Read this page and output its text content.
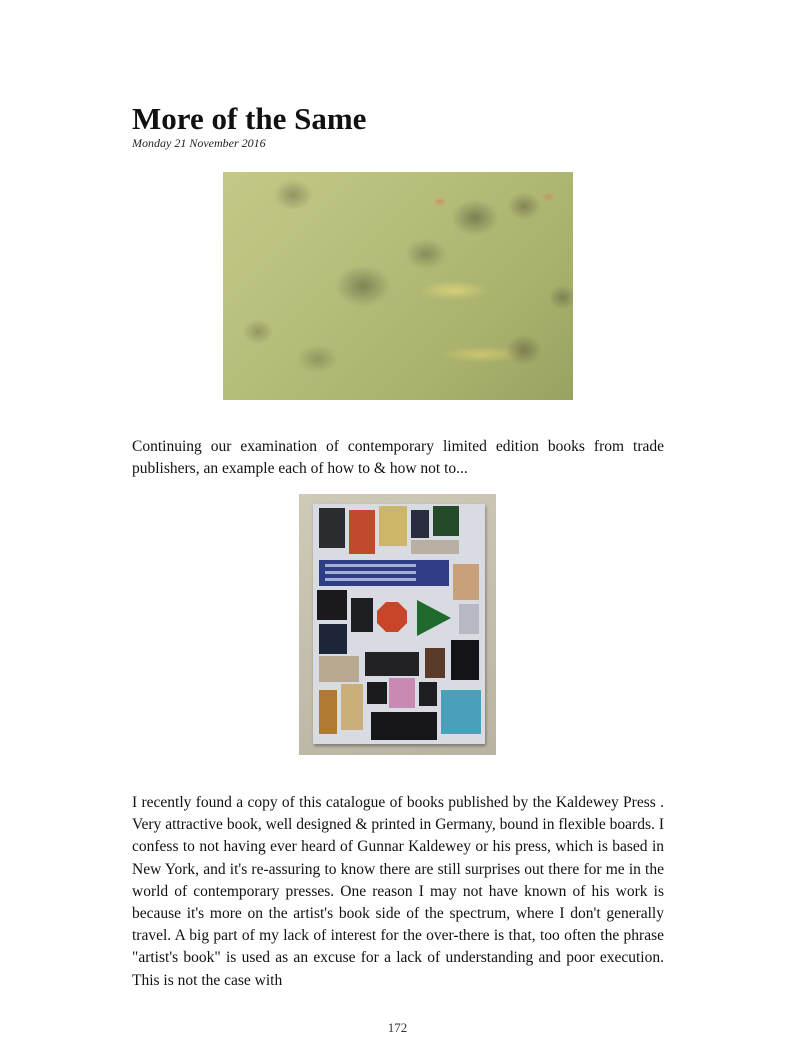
More of the Same
Monday 21 November 2016

Continuing our examination of contemporary limited edition books from trade publishers, an example each of how to & how not to...

I recently found a copy of this catalogue of books published by the Kaldewey Press . Very attractive book, well designed & printed in Germany, bound in flexible boards. I confess to not having ever heard of Gunnar Kaldewey or his press, which is based in New York, and it's re-assuring to know there are still surprises out there for me in the world of contemporary presses. One reason I may not have known of his work is because it's more on the artist's book side of the spectrum, where I don't generally travel. A big part of my lack of interest for the over-there is that, too often the phrase "artist's book" is used as an excuse for a lack of understanding and poor execution. This is not the case with

172
